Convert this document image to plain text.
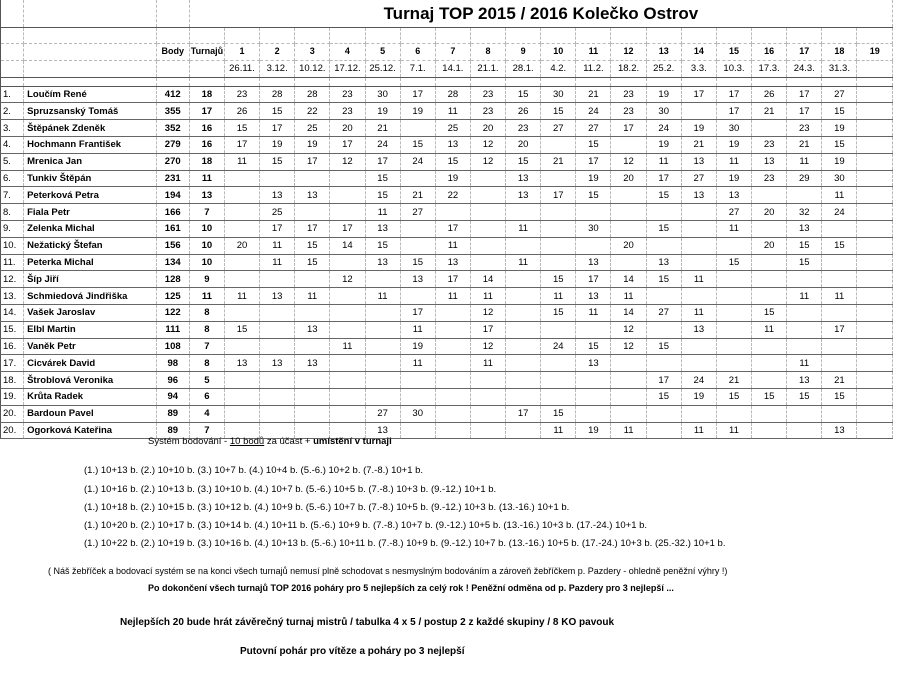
			Turnaj TOP 2015 / 2016 Kolečko Ostrov																			

		Body	Turnajů	1	2	3	4	5	6	7	8	9	10	11	12	13	14	15	16	17	18	19
				26.11.	3.12.	10.12.	17.12.	25.12.	7.1.	14.1.	21.1.	28.1.	4.2.	11.2.	18.2.	25.2.	3.3.	10.3.	17.3.	24.3.	31.3.	

1.	Loučím René	412	18	23	28	28	23	30	17	28	23	15	30	21	23	19	17	17	26	17	27	
2.	Spruzsanský Tomáš	355	17	26	15	22	23	19	19	11	23	26	15	24	23	30		17	21	17	15	
3.	Štěpánek Zdeněk	352	16	15	17	25	20	21		25	20	23	27	27	17	24	19	30		23	19	
4.	Hochmann František	279	16	17	19	19	17	24	15	13	12	20		15		19	21	19	23	21	15	
5.	Mrenica Jan	270	18	11	15	17	12	17	24	15	12	15	21	17	12	11	13	11	13	11	19	
6.	Tunkiv Štěpán	231	11					15		19		13		19	20	17	27	19	23	29	30	
7.	Peterková Petra	194	13		13	13		15	21	22		13	17	15		15	13	13			11	
8.	Fiala Petr	166	7		25			11	27									27	20	32	24	
9.	Zelenka Michal	161	10		17	17	17	13		17		11		30		15		11		13		
10.	Nežatický Štefan	156	10	20	11	15	14	15		11					20				20	15	15	
11.	Peterka Michal	134	10		11	15		13	15	13		11		13		13		15		15		
12.	Šíp Jiří	128	9				12		13	17	14		15	17	14	15	11					
13.	Schmiedová Jindřiška	125	11	11	13	11		11		11	11		11	13	11					11	11	
14.	Vašek Jaroslav	122	8						17		12		15	11	14	27	11		15			
15.	Elbl Martin	111	8	15		13			11		17				12		13		11		17	
16.	Vaněk Petr	108	7				11		19		12		24	15	12	15						
17.	Cicvárek David	98	8	13	13	13			11		11			13						11		
18.	Štroblová Veronika	96	5													17	24	21		13	21	
19.	Krůta Radek	94	6													15	19	15	15	15	15	
20.	Bardoun Pavel	89	4					27	30			17	15									
20.	Ogorková Kateřina	89	7					13					11	19	11		11	11			13	
Systém bodování - 10 bodů za účast + umístění v turnaji
(1.) 10+13 b. (2.) 10+10 b. (3.) 10+7 b. (4.) 10+4 b. (5.-6.) 10+2 b. (7.-8.) 10+1 b.
(1.) 10+16 b. (2.) 10+13 b. (3.) 10+10 b. (4.) 10+7 b. (5.-6.) 10+5 b. (7.-8.) 10+3 b. (9.-12.) 10+1 b.
(1.) 10+18 b. (2.) 10+15 b. (3.) 10+12 b. (4.) 10+9 b. (5.-6.) 10+7 b. (7.-8.) 10+5 b. (9.-12.) 10+3 b. (13.-16.) 10+1 b.
(1.) 10+20 b. (2.) 10+17 b. (3.) 10+14 b. (4.) 10+11 b. (5.-6.) 10+9 b. (7.-8.) 10+7 b. (9.-12.) 10+5 b. (13.-16.) 10+3 b. (17.-24.) 10+1 b.
(1.) 10+22 b. (2.) 10+19 b. (3.) 10+16 b. (4.) 10+13 b. (5.-6.) 10+11 b. (7.-8.) 10+9 b. (9.-12.) 10+7 b. (13.-16.) 10+5 b. (17.-24.) 10+3 b. (25.-32.) 10+1 b.
( Náš žebříček a bodovací systém se na konci všech turnajů nemusí plně schodovat s nesmyslným bodováním a zároveň žebříčkem p. Pazdery - ohledně peněžní výhry !)
Po dokončení všech turnajů TOP 2016 poháry pro 5 nejlepších za celý rok ! Peněžní odměna od p. Pazdery pro 3 nejlepší ...
Nejlepších 20 bude hrát závěrečný turnaj mistrů / tabulka 4 x 5 / postup 2 z každé skupiny / 8 KO pavouk
Putovní pohár pro vítěze a poháry po 3 nejlepší
